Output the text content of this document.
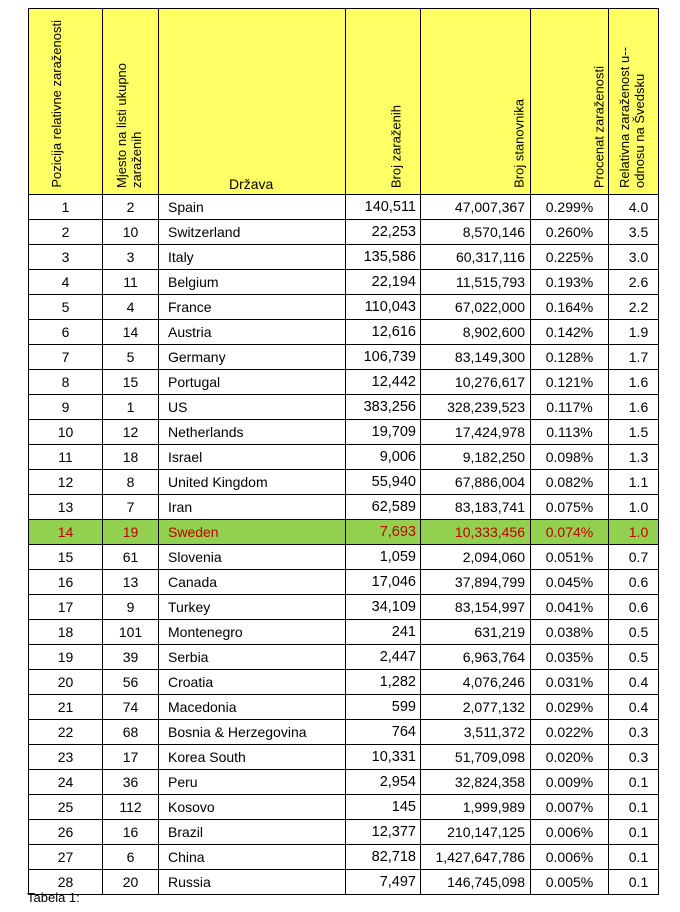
Pozicija relativne zaraženosti	Mjesto na listi ukupno zaraženih	Država	Broj zaraženih	Broj stanovnika	Procenat zaraženosti	Relativna zaraženost u-- odnosu na Švedsku

1	2	Spain	140,511	47,007,367	0.299%	4.0
2	10	Switzerland	22,253	8,570,146	0.260%	3.5
3	3	Italy	135,586	60,317,116	0.225%	3.0
4	11	Belgium	22,194	11,515,793	0.193%	2.6
5	4	France	110,043	67,022,000	0.164%	2.2
6	14	Austria	12,616	8,902,600	0.142%	1.9
7	5	Germany	106,739	83,149,300	0.128%	1.7
8	15	Portugal	12,442	10,276,617	0.121%	1.6
9	1	US	383,256	328,239,523	0.117%	1.6
10	12	Netherlands	19,709	17,424,978	0.113%	1.5
11	18	Israel	9,006	9,182,250	0.098%	1.3
12	8	United Kingdom	55,940	67,886,004	0.082%	1.1
13	7	Iran	62,589	83,183,741	0.075%	1.0
14	19	Sweden	7,693	10,333,456	0.074%	1.0
15	61	Slovenia	1,059	2,094,060	0.051%	0.7
16	13	Canada	17,046	37,894,799	0.045%	0.6
17	9	Turkey	34,109	83,154,997	0.041%	0.6
18	101	Montenegro	241	631,219	0.038%	0.5
19	39	Serbia	2,447	6,963,764	0.035%	0.5
20	56	Croatia	1,282	4,076,246	0.031%	0.4
21	74	Macedonia	599	2,077,132	0.029%	0.4
22	68	Bosnia & Herzegovina	764	3,511,372	0.022%	0.3
23	17	Korea South	10,331	51,709,098	0.020%	0.3
24	36	Peru	2,954	32,824,358	0.009%	0.1
25	112	Kosovo	145	1,999,989	0.007%	0.1
26	16	Brazil	12,377	210,147,125	0.006%	0.1
27	6	China	82,718	1,427,647,786	0.006%	0.1
28	20	Russia	7,497	146,745,098	0.005%	0.1
Tabela 1:
